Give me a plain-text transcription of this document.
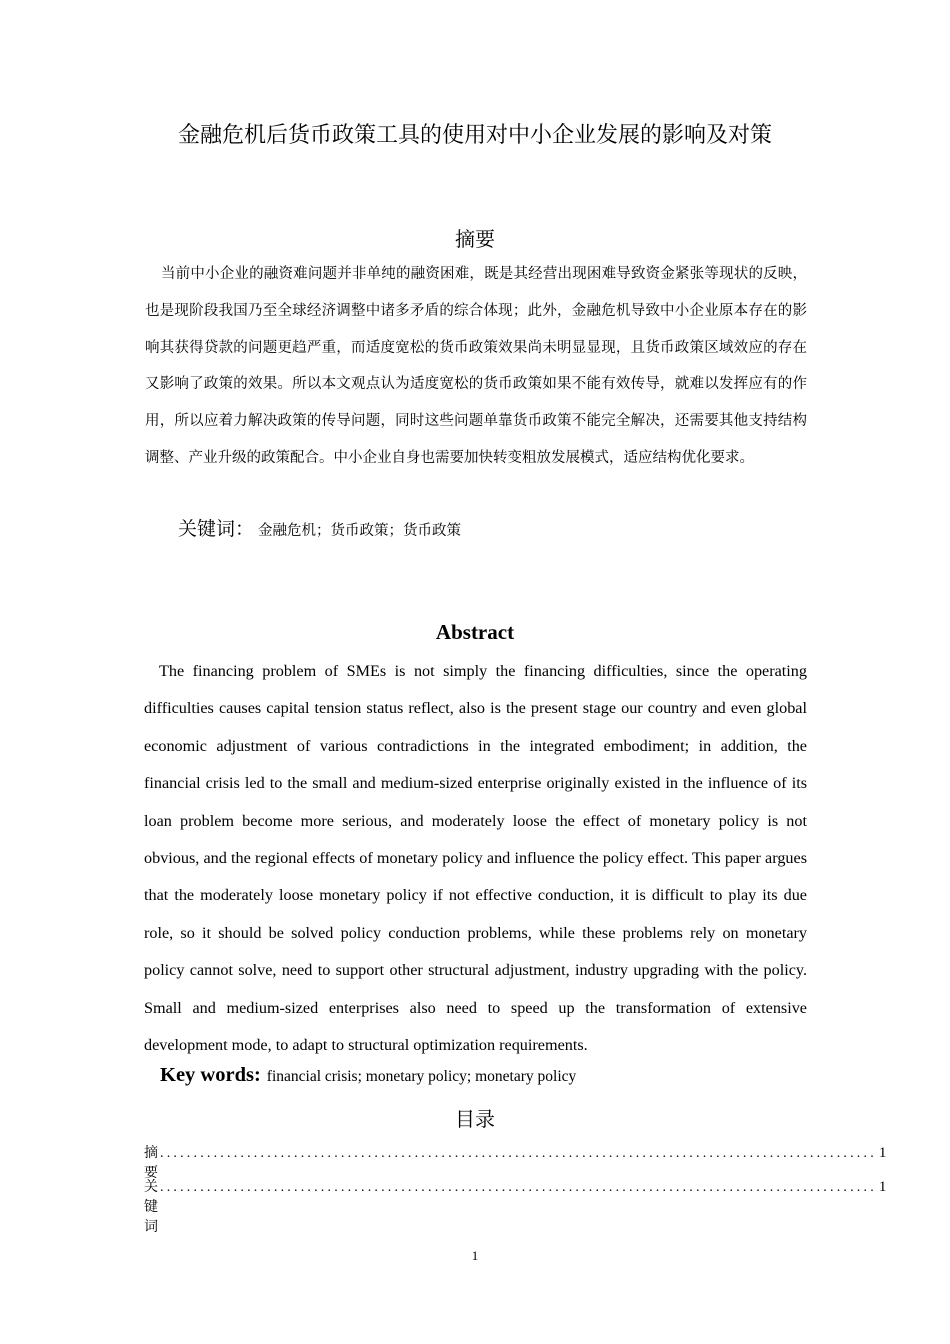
金融危机后货币政策工具的使用对中小企业发展的影响及对策
摘要

当前中小企业的融资难问题并非单纯的融资困难，既是其经营出现困难导致资金紧张等现状的反映，也是现阶段我国乃至全球经济调整中诸多矛盾的综合体现；此外，金融危机导致中小企业原本存在的影响其获得贷款的问题更趋严重，而适度宽松的货币政策效果尚未明显显现，且货币政策区域效应的存在又影响了政策的效果。所以本文观点认为适度宽松的货币政策如果不能有效传导，就难以发挥应有的作用，所以应着力解决政策的传导问题，同时这些问题单靠货币政策不能完全解决，还需要其他支持结构调整、产业升级的政策配合。中小企业自身也需要加快转变粗放发展模式，适应结构优化要求。

关键词： 金融危机；货币政策；货币政策
Abstract

The financing problem of SMEs is not simply the financing difficulties, since the operating difficulties causes capital tension status reflect, also is the present stage our country and even global economic adjustment of various contradictions in the integrated embodiment; in addition, the financial crisis led to the small and medium-sized enterprise originally existed in the influence of its loan problem become more serious, and moderately loose the effect of monetary policy is not obvious, and the regional effects of monetary policy and influence the policy effect. This paper argues that the moderately loose monetary policy if not effective conduction, it is difficult to play its due role, so it should be solved policy conduction problems, while these problems rely on monetary policy cannot solve, need to support other structural adjustment, industry upgrading with the policy. Small and medium-sized enterprises also need to speed up the transformation of extensive development mode, to adapt to structural optimization requirements.

Key words: financial crisis; monetary policy; monetary policy
目录
摘要
........................................................................................................... 1
关键词
........................................................................................................... 1
1
